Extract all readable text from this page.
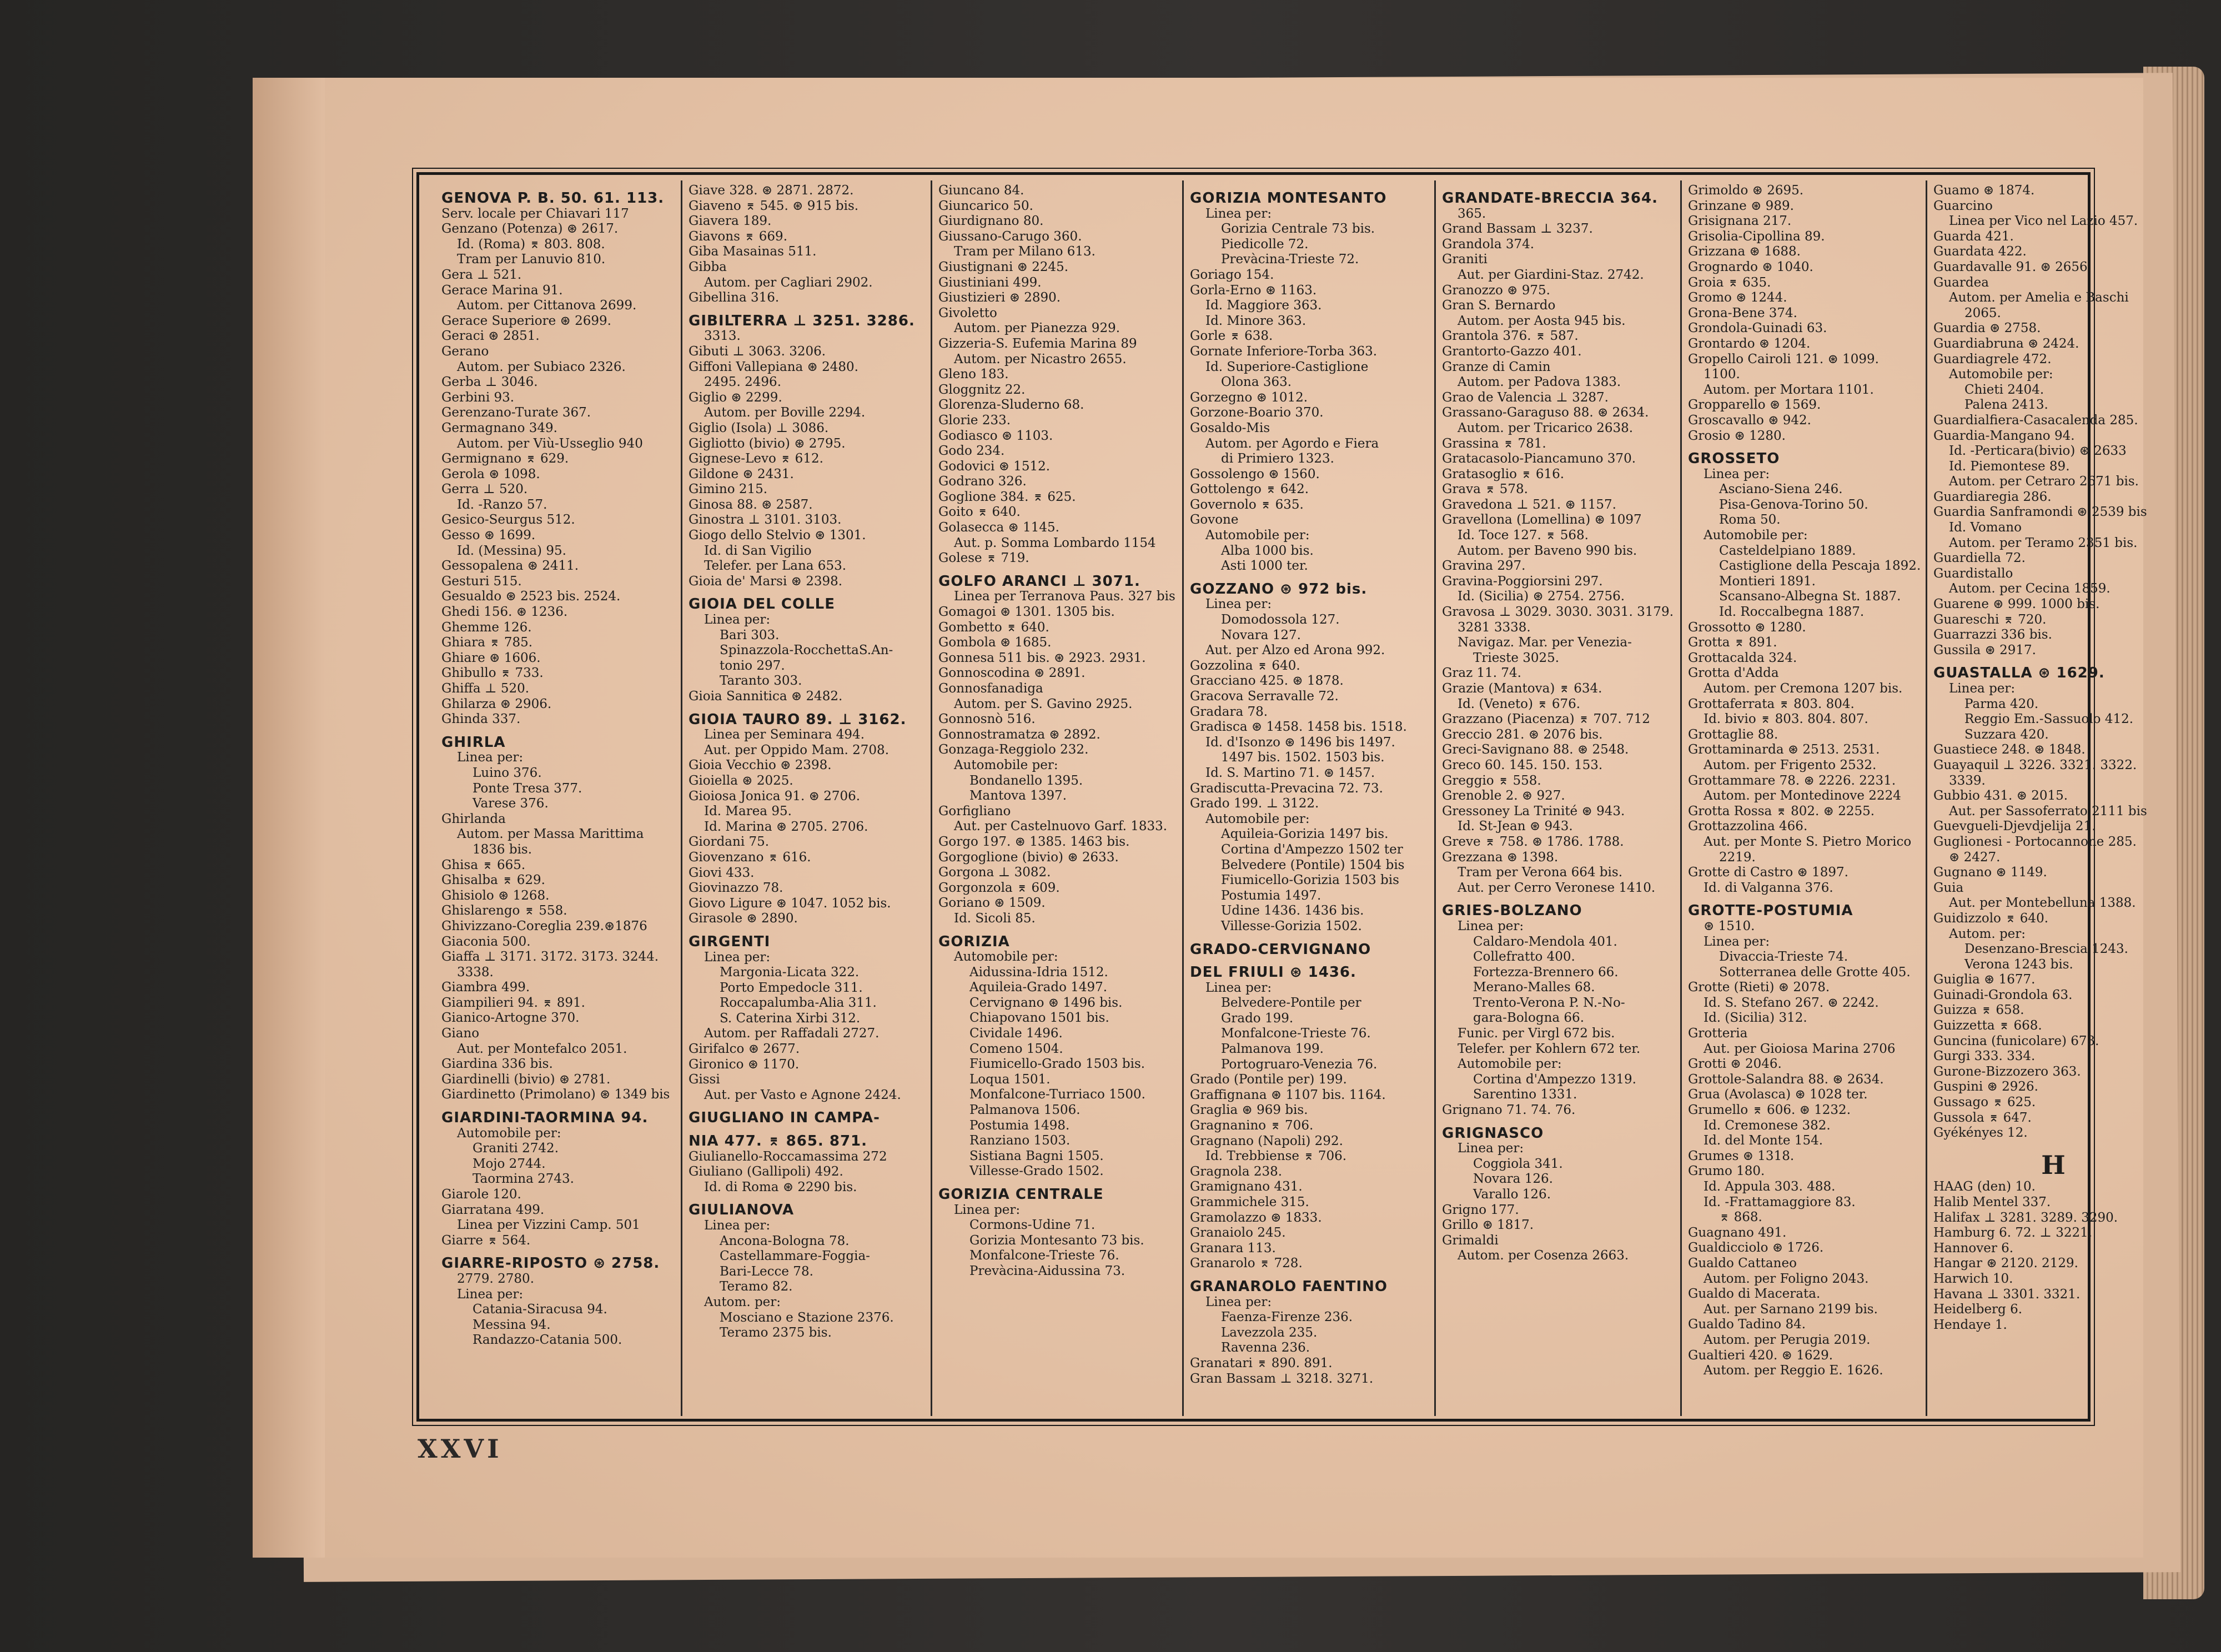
GENOVA P. B. 50. 61. 113.
Serv. locale per Chiavari 117
Genzano (Potenza) ⊛ 2617.
Id. (Roma) ⌆ 803. 808.
Tram per Lanuvio 810.
Gera ⊥ 521.
Gerace Marina 91.
Autom. per Cittanova 2699.
Gerace Superiore ⊛ 2699.
Geraci ⊛ 2851.
Gerano
Autom. per Subiaco 2326.
Gerba ⊥ 3046.
Gerbini 93.
Gerenzano-Turate 367.
Germagnano 349.
Autom. per Viù-Usseglio 940
Germignano ⌆ 629.
Gerola ⊛ 1098.
Gerra ⊥ 520.
Id. -Ranzo 57.
Gesico-Seurgus 512.
Gesso ⊛ 1699.
Id. (Messina) 95.
Gessopalena ⊛ 2411.
Gesturi 515.
Gesualdo ⊛ 2523 bis. 2524.
Ghedi 156. ⊛ 1236.
Ghemme 126.
Ghiara ⌆ 785.
Ghiare ⊛ 1606.
Ghibullo ⌆ 733.
Ghiffa ⊥ 520.
Ghilarza ⊛ 2906.
Ghinda 337.
GHIRLA
Linea per:
Luino 376.
Ponte Tresa 377.
Varese 376.
Ghirlanda
Autom. per Massa Marittima
1836 bis.
Ghisa ⌆ 665.
Ghisalba ⌆ 629.
Ghisiolo ⊛ 1268.
Ghislarengo ⌆ 558.
Ghivizzano-Coreglia 239.⊛1876
Giaconia 500.
Giaffa ⊥ 3171. 3172. 3173. 3244.
3338.
Giambra 499.
Giampilieri 94. ⌆ 891.
Gianico-Artogne 370.
Giano
Aut. per Montefalco 2051.
Giardina 336 bis.
Giardinelli (bivio) ⊛ 2781.
Giardinetto (Primolano) ⊛ 1349 bis
GIARDINI-TAORMINA 94.
Automobile per:
Graniti 2742.
Mojo 2744.
Taormina 2743.
Giarole 120.
Giarratana 499.
Linea per Vizzini Camp. 501
Giarre ⌆ 564.
GIARRE-RIPOSTO ⊛ 2758.
2779. 2780.
Linea per:
Catania-Siracusa 94.
Messina 94.
Randazzo-Catania 500.
Giave 328. ⊛ 2871. 2872.
Giaveno ⌆ 545. ⊛ 915 bis.
Giavera 189.
Giavons ⌆ 669.
Giba Masainas 511.
Gibba
Autom. per Cagliari 2902.
Gibellina 316.
GIBILTERRA ⊥ 3251. 3286.
3313.
Gibuti ⊥ 3063. 3206.
Giffoni Vallepiana ⊛ 2480.
2495. 2496.
Giglio ⊛ 2299.
Autom. per Boville 2294.
Giglio (Isola) ⊥ 3086.
Gigliotto (bivio) ⊛ 2795.
Gignese-Levo ⌆ 612.
Gildone ⊛ 2431.
Gimino 215.
Ginosa 88. ⊛ 2587.
Ginostra ⊥ 3101. 3103.
Giogo dello Stelvio ⊛ 1301.
Id. di San Vigilio
Telefer. per Lana 653.
Gioia de' Marsi ⊛ 2398.
GIOIA DEL COLLE
Linea per:
Bari 303.
Spinazzola-RocchettaS.An-
tonio 297.
Taranto 303.
Gioia Sannitica ⊛ 2482.
GIOIA TAURO 89. ⊥ 3162.
Linea per Seminara 494.
Aut. per Oppido Mam. 2708.
Gioia Vecchio ⊛ 2398.
Gioiella ⊛ 2025.
Gioiosa Jonica 91. ⊛ 2706.
Id. Marea 95.
Id. Marina ⊛ 2705. 2706.
Giordani 75.
Giovenzano ⌆ 616.
Giovi 433.
Giovinazzo 78.
Giovo Ligure ⊛ 1047. 1052 bis.
Girasole ⊛ 2890.
GIRGENTI
Linea per:
Margonia-Licata 322.
Porto Empedocle 311.
Roccapalumba-Alia 311.
S. Caterina Xirbi 312.
Autom. per Raffadali 2727.
Girifalco ⊛ 2677.
Gironico ⊛ 1170.
Gissi
Aut. per Vasto e Agnone 2424.
GIUGLIANO IN CAMPA-
NIA 477. ⌆ 865. 871.
Giulianello-Roccamassima 272
Giuliano (Gallipoli) 492.
Id. di Roma ⊛ 2290 bis.
GIULIANOVA
Linea per:
Ancona-Bologna 78.
Castellammare-Foggia-
Bari-Lecce 78.
Teramo 82.
Autom. per:
Mosciano e Stazione 2376.
Teramo 2375 bis.
Giuncano 84.
Giuncarico 50.
Giurdignano 80.
Giussano-Carugo 360.
Tram per Milano 613.
Giustignani ⊛ 2245.
Giustiniani 499.
Giustizieri ⊛ 2890.
Givoletto
Autom. per Pianezza 929.
Gizzeria-S. Eufemia Marina 89
Autom. per Nicastro 2655.
Gleno 183.
Gloggnitz 22.
Glorenza-Sluderno 68.
Glorie 233.
Godiasco ⊛ 1103.
Godo 234.
Godovici ⊛ 1512.
Godrano 326.
Goglione 384. ⌆ 625.
Goito ⌆ 640.
Golasecca ⊛ 1145.
Aut. p. Somma Lombardo 1154
Golese ⌆ 719.
GOLFO ARANCI ⊥ 3071.
Linea per Terranova Paus. 327 bis
Gomagoi ⊛ 1301. 1305 bis.
Gombetto ⌆ 640.
Gombola ⊛ 1685.
Gonnesa 511 bis. ⊛ 2923. 2931.
Gonnoscodina ⊛ 2891.
Gonnosfanadiga
Autom. per S. Gavino 2925.
Gonnosnò 516.
Gonnostramatza ⊛ 2892.
Gonzaga-Reggiolo 232.
Automobile per:
Bondanello 1395.
Mantova 1397.
Gorfigliano
Aut. per Castelnuovo Garf. 1833.
Gorgo 197. ⊛ 1385. 1463 bis.
Gorgoglione (bivio) ⊛ 2633.
Gorgona ⊥ 3082.
Gorgonzola ⌆ 609.
Goriano ⊛ 1509.
Id. Sicoli 85.
GORIZIA
Automobile per:
Aidussina-Idria 1512.
Aquileia-Grado 1497.
Cervignano ⊛ 1496 bis.
Chiapovano 1501 bis.
Cividale 1496.
Comeno 1504.
Fiumicello-Grado 1503 bis.
Loqua 1501.
Monfalcone-Turriaco 1500.
Palmanova 1506.
Postumia 1498.
Ranziano 1503.
Sistiana Bagni 1505.
Villesse-Grado 1502.
GORIZIA CENTRALE
Linea per:
Cormons-Udine 71.
Gorizia Montesanto 73 bis.
Monfalcone-Trieste 76.
Prevàcina-Aidussina 73.
GORIZIA MONTESANTO
Linea per:
Gorizia Centrale 73 bis.
Piedicolle 72.
Prevàcina-Trieste 72.
Goriago 154.
Gorla-Erno ⊛ 1163.
Id. Maggiore 363.
Id. Minore 363.
Gorle ⌆ 638.
Gornate Inferiore-Torba 363.
Id. Superiore-Castiglione
Olona 363.
Gorzegno ⊛ 1012.
Gorzone-Boario 370.
Gosaldo-Mis
Autom. per Agordo e Fiera
di Primiero 1323.
Gossolengo ⊛ 1560.
Gottolengo ⌆ 642.
Governolo ⌆ 635.
Govone
Automobile per:
Alba 1000 bis.
Asti 1000 ter.
GOZZANO ⊛ 972 bis.
Linea per:
Domodossola 127.
Novara 127.
Aut. per Alzo ed Arona 992.
Gozzolina ⌆ 640.
Gracciano 425. ⊛ 1878.
Gracova Serravalle 72.
Gradara 78.
Gradisca ⊛ 1458. 1458 bis. 1518.
Id. d'Isonzo ⊛ 1496 bis 1497.
1497 bis. 1502. 1503 bis.
Id. S. Martino 71. ⊛ 1457.
Gradiscutta-Prevacina 72. 73.
Grado 199. ⊥ 3122.
Automobile per:
Aquileia-Gorizia 1497 bis.
Cortina d'Ampezzo 1502 ter
Belvedere (Pontile) 1504 bis
Fiumicello-Gorizia 1503 bis
Postumia 1497.
Udine 1436. 1436 bis.
Villesse-Gorizia 1502.
GRADO-CERVIGNANO
DEL FRIULI ⊛ 1436.
Linea per:
Belvedere-Pontile per
Grado 199.
Monfalcone-Trieste 76.
Palmanova 199.
Portogruaro-Venezia 76.
Grado (Pontile per) 199.
Graffignana ⊛ 1107 bis. 1164.
Graglia ⊛ 969 bis.
Gragnanino ⌆ 706.
Gragnano (Napoli) 292.
Id. Trebbiense ⌆ 706.
Gragnola 238.
Gramignano 431.
Grammichele 315.
Gramolazzo ⊛ 1833.
Granaiolo 245.
Granara 113.
Granarolo ⌆ 728.
GRANAROLO FAENTINO
Linea per:
Faenza-Firenze 236.
Lavezzola 235.
Ravenna 236.
Granatari ⌆ 890. 891.
Gran Bassam ⊥ 3218. 3271.
GRANDATE-BRECCIA 364.
365.
Grand Bassam ⊥ 3237.
Grandola 374.
Graniti
Aut. per Giardini-Staz. 2742.
Granozzo ⊛ 975.
Gran S. Bernardo
Autom. per Aosta 945 bis.
Grantola 376. ⌆ 587.
Grantorto-Gazzo 401.
Granze di Camin
Autom. per Padova 1383.
Grao de Valencia ⊥ 3287.
Grassano-Garaguso 88. ⊛ 2634.
Autom. per Tricarico 2638.
Grassina ⌆ 781.
Gratacasolo-Piancamuno 370.
Gratasoglio ⌆ 616.
Grava ⌆ 578.
Gravedona ⊥ 521. ⊛ 1157.
Gravellona (Lomellina) ⊛ 1097
Id. Toce 127. ⌆ 568.
Autom. per Baveno 990 bis.
Gravina 297.
Gravina-Poggiorsini 297.
Id. (Sicilia) ⊛ 2754. 2756.
Gravosa ⊥ 3029. 3030. 3031. 3179.
3281 3338.
Navigaz. Mar. per Venezia-
Trieste 3025.
Graz 11. 74.
Grazie (Mantova) ⌆ 634.
Id. (Veneto) ⌆ 676.
Grazzano (Piacenza) ⌆ 707. 712
Greccio 281. ⊛ 2076 bis.
Greci-Savignano 88. ⊛ 2548.
Greco 60. 145. 150. 153.
Greggio ⌆ 558.
Grenoble 2. ⊛ 927.
Gressoney La Trinité ⊛ 943.
Id. St-Jean ⊛ 943.
Greve ⌆ 758. ⊛ 1786. 1788.
Grezzana ⊛ 1398.
Tram per Verona 664 bis.
Aut. per Cerro Veronese 1410.
GRIES-BOLZANO
Linea per:
Caldaro-Mendola 401.
Collefratto 400.
Fortezza-Brennero 66.
Merano-Malles 68.
Trento-Verona P. N.-No-
gara-Bologna 66.
Funic. per Virgl 672 bis.
Telefer. per Kohlern 672 ter.
Automobile per:
Cortina d'Ampezzo 1319.
Sarentino 1331.
Grignano 71. 74. 76.
GRIGNASCO
Linea per:
Coggiola 341.
Novara 126.
Varallo 126.
Grigno 177.
Grillo ⊛ 1817.
Grimaldi
Autom. per Cosenza 2663.
Grimoldo ⊛ 2695.
Grinzane ⊛ 989.
Grisignana 217.
Grisolia-Cipollina 89.
Grizzana ⊛ 1688.
Grognardo ⊛ 1040.
Groia ⌆ 635.
Gromo ⊛ 1244.
Grona-Bene 374.
Grondola-Guinadi 63.
Grontardo ⊛ 1204.
Gropello Cairoli 121. ⊛ 1099.
1100.
Autom. per Mortara 1101.
Gropparello ⊛ 1569.
Groscavallo ⊛ 942.
Grosio ⊛ 1280.
GROSSETO
Linea per:
Asciano-Siena 246.
Pisa-Genova-Torino 50.
Roma 50.
Automobile per:
Casteldelpiano 1889.
Castiglione della Pescaja 1892.
Montieri 1891.
Scansano-Albegna St. 1887.
Id. Roccalbegna 1887.
Grossotto ⊛ 1280.
Grotta ⌆ 891.
Grottacalda 324.
Grotta d'Adda
Autom. per Cremona 1207 bis.
Grottaferrata ⌆ 803. 804.
Id. bivio ⌆ 803. 804. 807.
Grottaglie 88.
Grottaminarda ⊛ 2513. 2531.
Autom. per Frigento 2532.
Grottammare 78. ⊛ 2226. 2231.
Autom. per Montedinove 2224
Grotta Rossa ⌆ 802. ⊛ 2255.
Grottazzolina 466.
Aut. per Monte S. Pietro Morico
2219.
Grotte di Castro ⊛ 1897.
Id. di Valganna 376.
GROTTE-POSTUMIA
⊛ 1510.
Linea per:
Divaccia-Trieste 74.
Sotterranea delle Grotte 405.
Grotte (Rieti) ⊛ 2078.
Id. S. Stefano 267. ⊛ 2242.
Id. (Sicilia) 312.
Grotteria
Aut. per Gioiosa Marina 2706
Grotti ⊛ 2046.
Grottole-Salandra 88. ⊛ 2634.
Grua (Avolasca) ⊛ 1028 ter.
Grumello ⌆ 606. ⊛ 1232.
Id. Cremonese 382.
Id. del Monte 154.
Grumes ⊛ 1318.
Grumo 180.
Id. Appula 303. 488.
Id. -Frattamaggiore 83.
⌆ 868.
Guagnano 491.
Gualdicciolo ⊛ 1726.
Gualdo Cattaneo
Autom. per Foligno 2043.
Gualdo di Macerata.
Aut. per Sarnano 2199 bis.
Gualdo Tadino 84.
Autom. per Perugia 2019.
Gualtieri 420. ⊛ 1629.
Autom. per Reggio E. 1626.
Guamo ⊛ 1874.
Guarcino
Linea per Vico nel Lazio 457.
Guarda 421.
Guardata 422.
Guardavalle 91. ⊛ 2656.
Guardea
Autom. per Amelia e Baschi
2065.
Guardia ⊛ 2758.
Guardiabruna ⊛ 2424.
Guardiagrele 472.
Automobile per:
Chieti 2404.
Palena 2413.
Guardialfiera-Casacalenda 285.
Guardia-Mangano 94.
Id. -Perticara(bivio) ⊛ 2633
Id. Piemontese 89.
Autom. per Cetraro 2671 bis.
Guardiaregia 286.
Guardia Sanframondi ⊛ 2539 bis
Id. Vomano
Autom. per Teramo 2351 bis.
Guardiella 72.
Guardistallo
Autom. per Cecina 1859.
Guarene ⊛ 999. 1000 bis.
Guareschi ⌆ 720.
Guarrazzi 336 bis.
Gussila ⊛ 2917.
GUASTALLA ⊛ 1629.
Linea per:
Parma 420.
Reggio Em.-Sassuolo 412.
Suzzara 420.
Guastiece 248. ⊛ 1848.
Guayaquil ⊥ 3226. 3321. 3322.
3339.
Gubbio 431. ⊛ 2015.
Aut. per Sassoferrato 2111 bis
Guevgueli-Djevdjelija 21.
Guglionesi - Portocannone 285.
⊛ 2427.
Gugnano ⊛ 1149.
Guia
Aut. per Montebelluna 1388.
Guidizzolo ⌆ 640.
Autom. per:
Desenzano-Brescia 1243.
Verona 1243 bis.
Guiglia ⊛ 1677.
Guinadi-Grondola 63.
Guizza ⌆ 658.
Guizzetta ⌆ 668.
Guncina (funicolare) 673.
Gurgi 333. 334.
Gurone-Bizzozero 363.
Guspini ⊛ 2926.
Gussago ⌆ 625.
Gussola ⌆ 647.
Gyékényes 12.
H
HAAG (den) 10.
Halib Mentel 337.
Halifax ⊥ 3281. 3289. 3290.
Hamburg 6. 72. ⊥ 3221.
Hannover 6.
Hangar ⊛ 2120. 2129.
Harwich 10.
Havana ⊥ 3301. 3321.
Heidelberg 6.
Hendaye 1.
XXVI
